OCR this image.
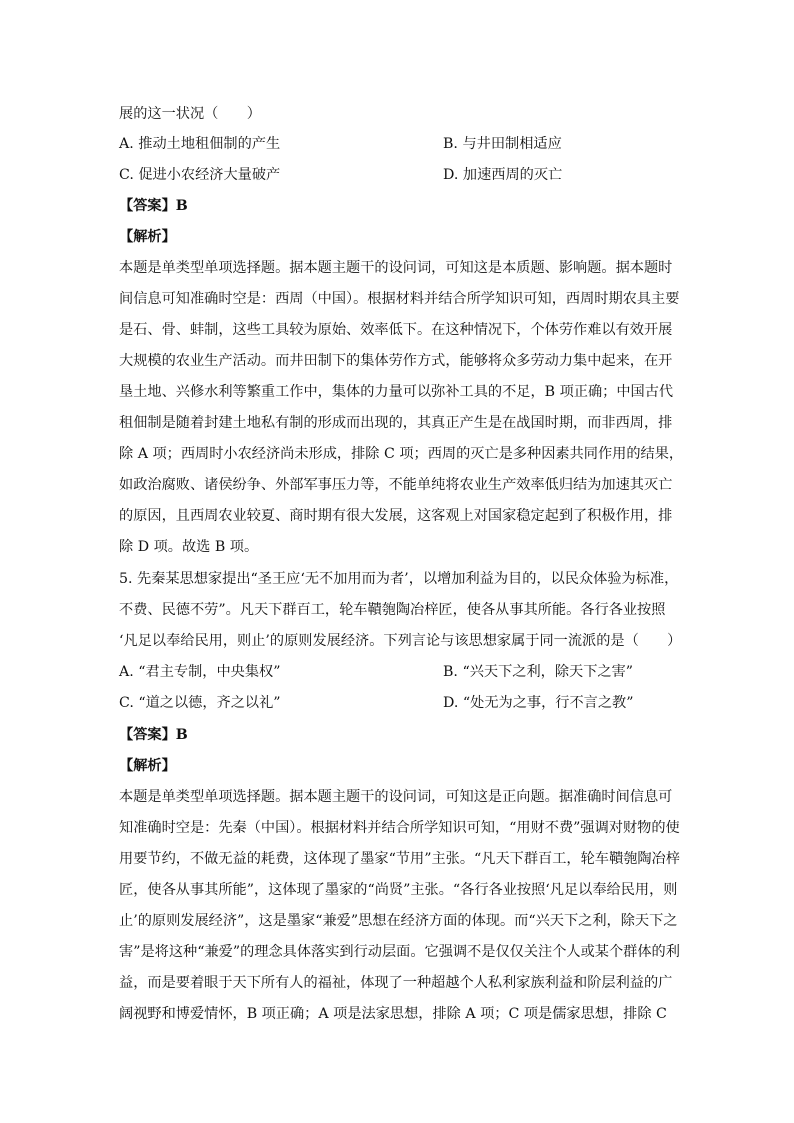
展的这一状况（　　）
A. 推动土地租佃制的产生	B. 与井田制相适应
C. 促进小农经济大量破产	D. 加速西周的灭亡
【答案】B
【解析】
本题是单类型单项选择题。据本题主题干的设问词，可知这是本质题、影响题。据本题时
间信息可知准确时空是：西周（中国）。根据材料并结合所学知识可知，西周时期农具主要
是石、骨、蚌制，这些工具较为原始、效率低下。在这种情况下，个体劳作难以有效开展
大规模的农业生产活动。而井田制下的集体劳作方式，能够将众多劳动力集中起来，在开
垦土地、兴修水利等繁重工作中，集体的力量可以弥补工具的不足，B 项正确；中国古代
租佃制是随着封建土地私有制的形成而出现的，其真正产生是在战国时期，而非西周，排
除 A 项；西周时小农经济尚未形成，排除 C 项；西周的灭亡是多种因素共同作用的结果，
如政治腐败、诸侯纷争、外部军事压力等，不能单纯将农业生产效率低归结为加速其灭亡
的原因，且西周农业较夏、商时期有很大发展，这客观上对国家稳定起到了积极作用，排
除 D 项。故选 B 项。
5. 先秦某思想家提出“圣王应‘无不加用而为者’，以增加利益为目的，以民众体验为标准，
不费、民德不劳”。凡天下群百工，轮车鞼匏陶冶梓匠，使各从事其所能。各行各业按照
‘凡足以奉给民用，则止’的原则发展经济。下列言论与该思想家属于同一流派的是（　　）
A. “君主专制，中央集权”	B. “兴天下之利，除天下之害”
C. “道之以德，齐之以礼”	D. “处无为之事，行不言之教”
【答案】B
【解析】
本题是单类型单项选择题。据本题主题干的设问词，可知这是正向题。据准确时间信息可
知准确时空是：先秦（中国）。根据材料并结合所学知识可知，“用财不费”强调对财物的使
用要节约，不做无益的耗费，这体现了墨家“节用”主张。“凡天下群百工，轮车鞼匏陶冶梓
匠，使各从事其所能”，这体现了墨家的“尚贤”主张。“各行各业按照‘凡足以奉给民用，则
止’的原则发展经济”，这是墨家“兼爱”思想在经济方面的体现。而“兴天下之利，除天下之
害”是将这种“兼爱”的理念具体落实到行动层面。它强调不是仅仅关注个人或某个群体的利
益，而是要着眼于天下所有人的福祉，体现了一种超越个人私利家族利益和阶层利益的广
阔视野和博爱情怀，B 项正确；A 项是法家思想，排除 A 项；C 项是儒家思想，排除 C
